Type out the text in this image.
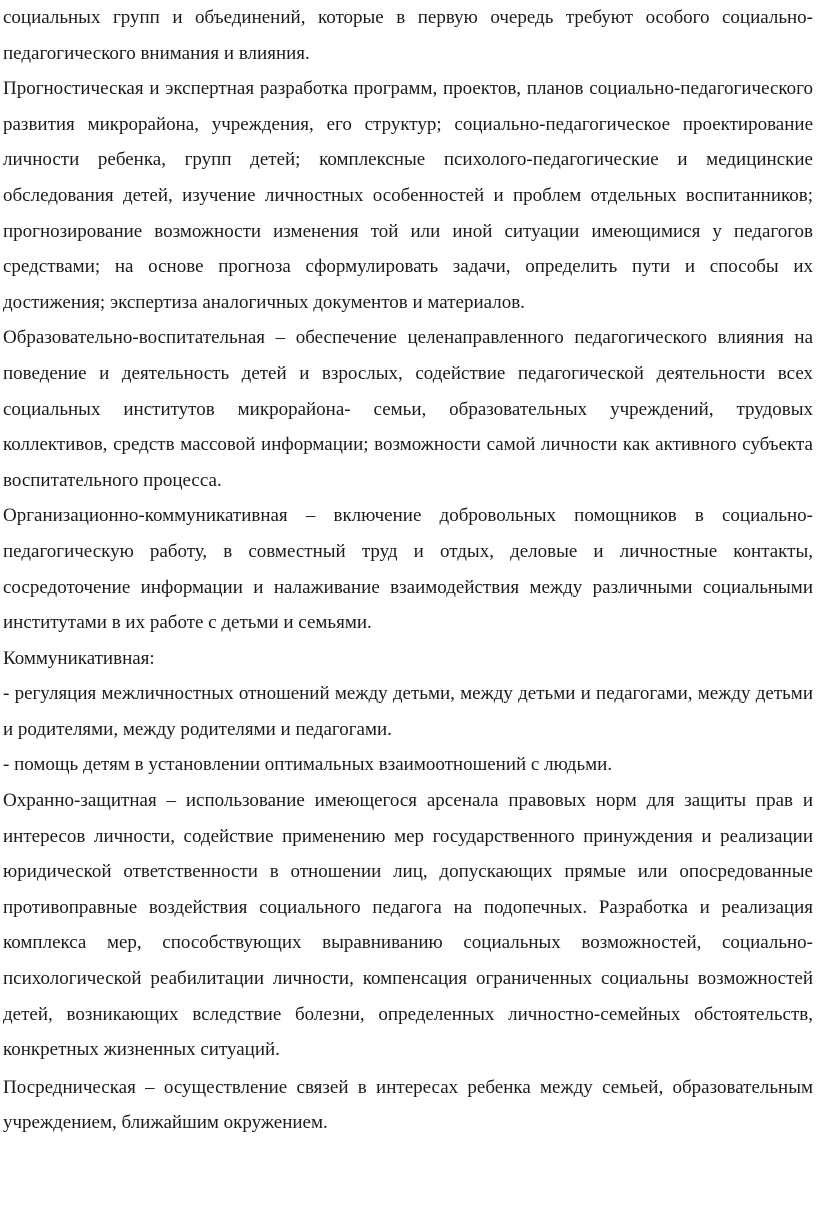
социальных групп и объединений, которые в первую очередь требуют особого социально-педагогического внимания и влияния.

Прогностическая и экспертная разработка программ, проектов, планов социально-педагогического развития микрорайона, учреждения, его структур; социально-педагогическое проектирование личности ребенка, групп детей; комплексные психолого-педагогические и медицинские обследования детей, изучение личностных особенностей и проблем отдельных воспитанников; прогнозирование возможности изменения той или иной ситуации имеющимися у педагогов средствами; на основе прогноза сформулировать задачи, определить пути и способы их достижения; экспертиза аналогичных документов и материалов.

Образовательно-воспитательная – обеспечение целенаправленного педагогического влияния на поведение и деятельность детей и взрослых, содействие педагогической деятельности всех социальных институтов микрорайона- семьи, образовательных учреждений, трудовых коллективов, средств массовой информации; возможности самой личности как активного субъекта воспитательного процесса.

Организационно-коммуникативная – включение добровольных помощников в социально-педагогическую работу, в совместный труд и отдых, деловые и личностные контакты, сосредоточение информации и налаживание взаимодействия между различными социальными институтами в их работе с детьми и семьями.

Коммуникативная:

- регуляция межличностных отношений между детьми, между детьми и педагогами, между детьми и родителями, между родителями и педагогами.

- помощь детям в установлении оптимальных взаимоотношений с людьми.

Охранно-защитная – использование имеющегося арсенала правовых норм для защиты прав и интересов личности, содействие применению мер государственного принуждения и реализации юридической ответственности в отношении лиц, допускающих прямые или опосредованные противоправные воздействия социального педагога на подопечных. Разработка и реализация комплекса мер, способствующих выравниванию социальных возможностей, социально-психологической реабилитации личности, компенсация ограниченных социальны возможностей детей, возникающих вследствие болезни, определенных личностно-семейных обстоятельств, конкретных жизненных ситуаций.

Посредническая – осуществление связей в интересах ребенка между семьей, образовательным учреждением, ближайшим окружением.
